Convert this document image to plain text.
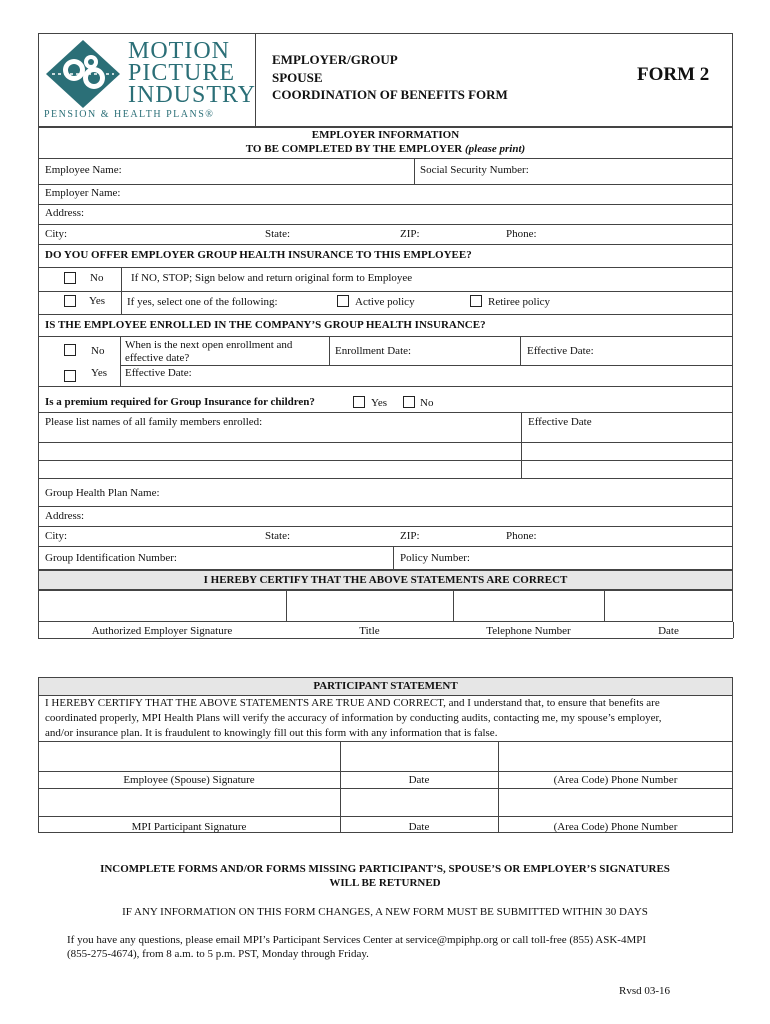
MOTION
PICTURE
INDUSTRY
PENSION & HEALTH PLANS®
EMPLOYER/GROUP
SPOUSE
COORDINATION OF BENEFITS FORM
FORM 2
EMPLOYER INFORMATION
TO BE COMPLETED BY THE EMPLOYER (please print)
Employee Name:	Social Security Number:
Employer Name:
Address:
City:	State:	ZIP:	Phone:
DO YOU OFFER EMPLOYER GROUP HEALTH INSURANCE TO THIS EMPLOYEE?
No	If NO, STOP; Sign below and return original form to Employee
Yes If yes, select one of the following:	Active policy	Retiree policy
IS THE EMPLOYEE ENROLLED IN THE COMPANY’S GROUP HEALTH INSURANCE?
No When is the next open enrollment and
effective date?
Enrollment Date:	Effective Date:
Yes Effective Date:
Is a premium required for Group Insurance for children?	Yes	No
Please list names of all family members enrolled:	Effective Date
Group Health Plan Name:
Address:
City:	State:	ZIP:	Phone:
Group Identification Number:	Policy Number:
I HEREBY CERTIFY THAT THE ABOVE STATEMENTS ARE CORRECT
Authorized Employer Signature	Title	Telephone Number	Date
PARTICIPANT STATEMENT
I HEREBY CERTIFY THAT THE ABOVE STATEMENTS ARE TRUE AND CORRECT, and I understand that, to ensure that benefits are
coordinated properly, MPI Health Plans will verify the accuracy of information by conducting audits, contacting me, my spouse’s employer,
and/or insurance plan. It is fraudulent to knowingly fill out this form with any information that is false.
Employee (Spouse) Signature	Date	(Area Code) Phone Number
MPI Participant Signature	Date	(Area Code) Phone Number
INCOMPLETE FORMS AND/OR FORMS MISSING PARTICIPANT’S, SPOUSE’S OR EMPLOYER’S SIGNATURES
WILL BE RETURNED
IF ANY INFORMATION ON THIS FORM CHANGES, A NEW FORM MUST BE SUBMITTED WITHIN 30 DAYS
If you have any questions, please email MPI’s Participant Services Center at service@mpiphp.org or call toll-free (855) ASK-4MPI
(855-275-4674), from 8 a.m. to 5 p.m. PST, Monday through Friday.
Rvsd 03-16
